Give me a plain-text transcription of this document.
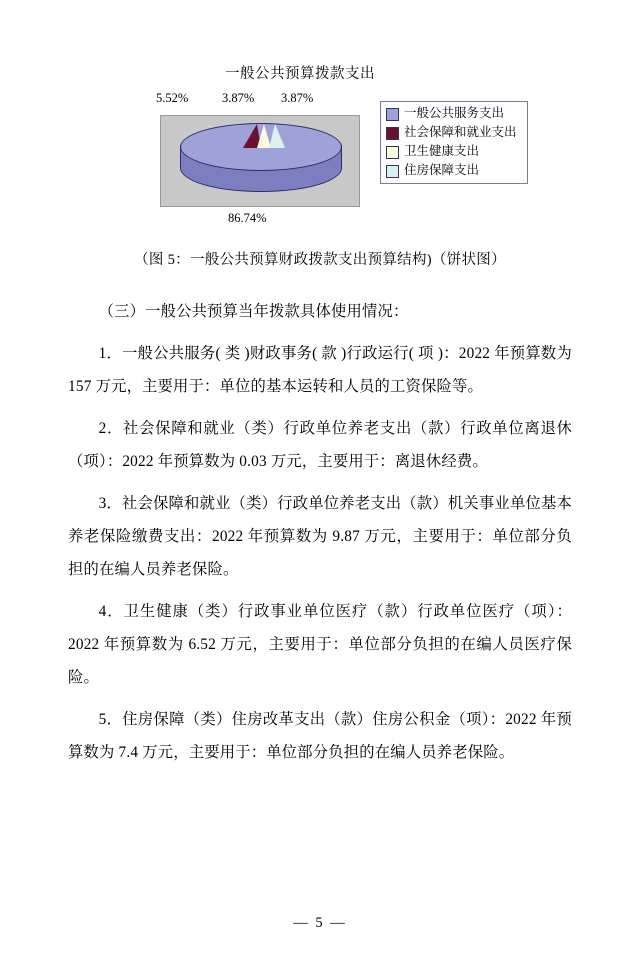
一般公共预算拨款支出
5.52%	3.87% 3.87%
86.74%
一般公共服务支出
社会保障和就业支出
卫生健康支出
住房保障支出
（图 5：一般公共预算财政拨款支出预算结构)（饼状图）

（三）一般公共预算当年拨款具体使用情况：

1．一般公共服务( 类 )财政事务( 款 )行政运行( 项 )：2022 年预算数为 157 万元，主要用于：单位的基本运转和人员的工资保险等。

2．社会保障和就业（类）行政单位养老支出（款）行政单位离退休（项）：2022 年预算数为 0.03 万元，主要用于：离退休经费。

3．社会保障和就业（类）行政单位养老支出（款）机关事业单位基本养老保险缴费支出：2022 年预算数为 9.87 万元，主要用于：单位部分负担的在编人员养老保险。

4．卫生健康（类）行政事业单位医疗（款）行政单位医疗（项）：2022 年预算数为 6.52 万元，主要用于：单位部分负担的在编人员医疗保险。

5．住房保障（类）住房改革支出（款）住房公积金（项）：2022 年预算数为 7.4 万元，主要用于：单位部分负担的在编人员养老保险。

— 5 —
